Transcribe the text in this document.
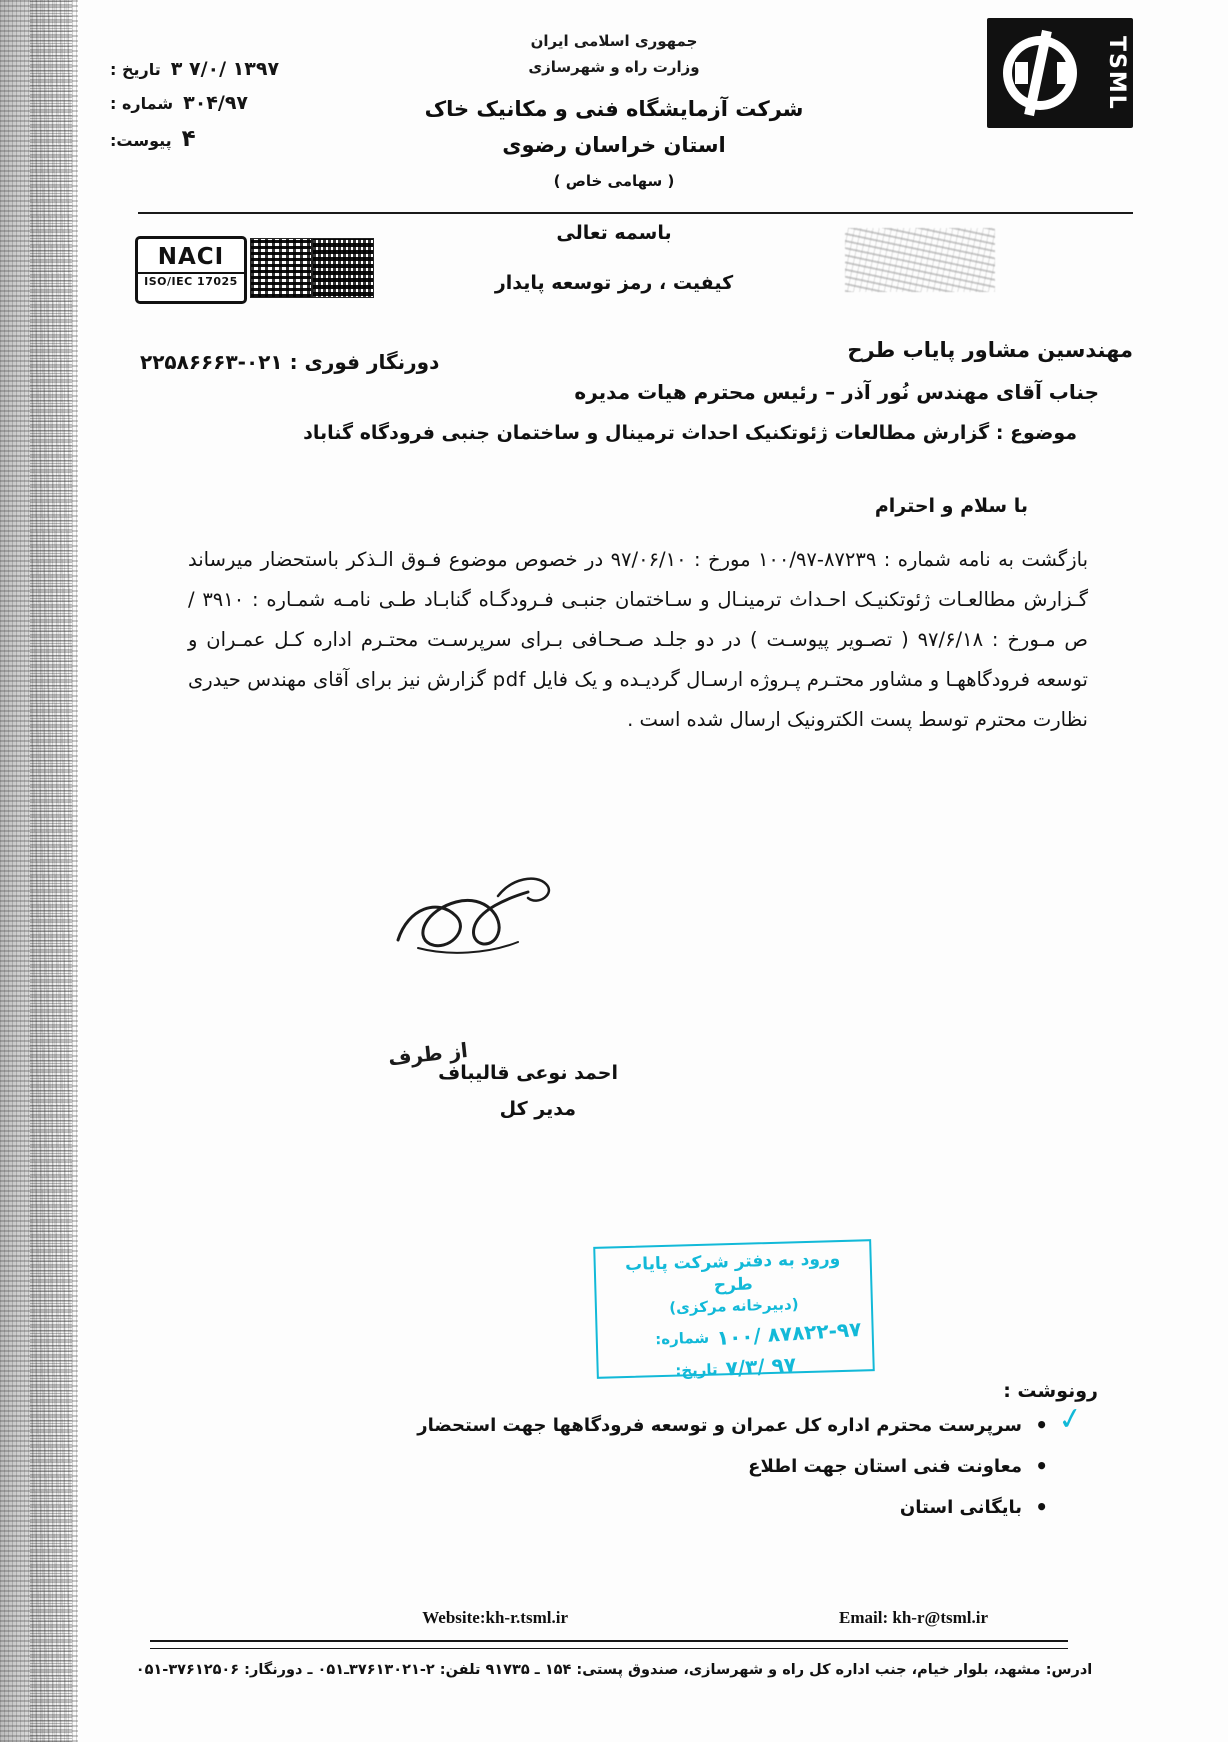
جمهوری اسلامی ایران
وزارت راه و شهرسازی
شرکت آزمایشگاه فنی و مکانیک خاک
استان خراسان رضوی
( سهامی خاص )
TSML
۱۳۹۷ /۷/۰ ۳
تاریخ :
۳۰۴/۹۷
شماره :
۴
پیوست:
باسمه تعالی
کیفیت ، رمز توسعه پایدار
NACI
ISO/IEC 17025
مهندسین مشاور پایاب طرح
جناب آقای مهندس نُور آذر – رئیس محترم هیات مدیره
موضوع : گزارش مطالعات ژئوتکنیک احداث ترمینال و ساختمان جنبی فرودگاه گناباد
دورنگار فوری : ۰۲۱-۲۲۵۸۶۶۶۳
با سلام و احترام

بازگشت به نامه شماره : ۸۷۲۳۹-۱۰۰/۹۷ مورخ : ۹۷/۰۶/۱۰ در خصوص موضوع فـوق الـذکر باستحضار میرساند گـزارش مطالعـات ژئوتکنیـک احـداث ترمینـال و سـاختمان جنبـی فـرودگـاه گنابـاد طـی نامـه شمـاره : ۳۹۱۰ / ص مـورخ : ۹۷/۶/۱۸ ( تصـویر پیوسـت ) در دو جلـد صـحـافی بـرای سرپرسـت محتـرم اداره کـل عمـران و توسعه فرودگاههـا و مشاور محتـرم پـروژه ارسـال گردیـده و یک فایل pdf گزارش نیز برای آقای مهندس حیدری نظارت محترم توسط پست الکترونیک ارسال شده است .

از طرف
احمد نوعی قالیباف
مدیر کل
ورود به دفتر شرکت پایاب طرح
(دبیرخانه مرکزی)
۸۷۸۲۲-۹۷ /۱۰۰
شماره:
۹۷ /۷/۳
تاریخ:
رونوشت :
✓
• سرپرست محترم اداره کل عمران و توسعه فرودگاهها جهت استحضار
• معاونت فنی استان جهت اطلاع
• بایگانی استان
Website:kh-r.tsml.ir	Email: kh-r@tsml.ir
ادرس: مشهد، بلوار خیام، جنب اداره کل راه و شهرسازی، صندوق پستی: ۱۵۴ ـ ۹۱۷۳۵ تلفن: ۲-۳۷۶۱۳۰۲۱ـ۰۵۱ ـ دورنگار: ۳۷۶۱۲۵۰۶-۰۵۱
